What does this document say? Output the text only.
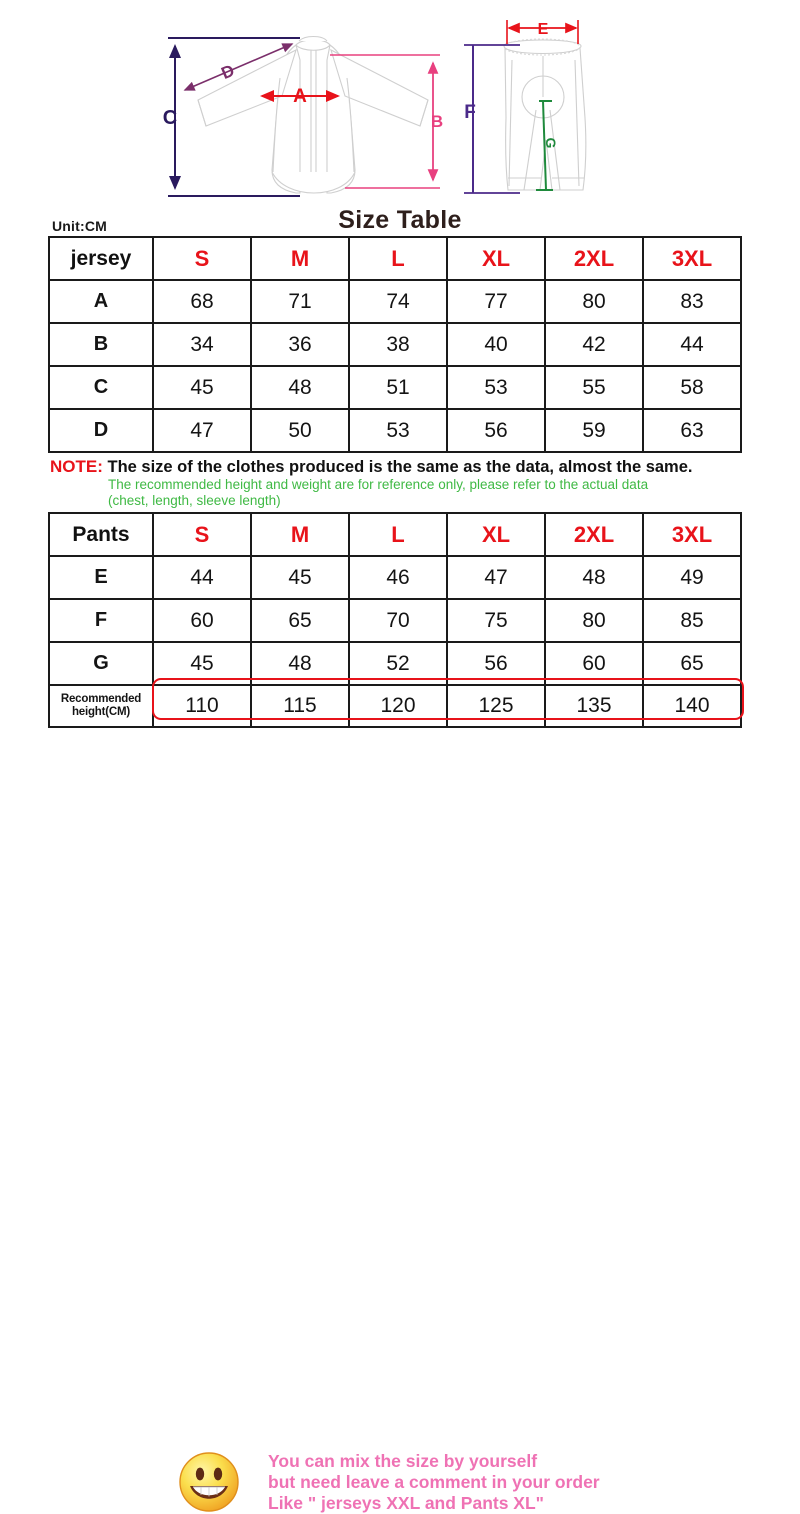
C
D
A
B
E
F
G
Unit:CM	Size Table
jersey	S	M	L	XL	2XL	3XL
A	68	71	74	77	80	83
B	34	36	38	40	42	44
C	45	48	51	53	55	58
D	47	50	53	56	59	63
NOTE: The size of the clothes produced is the same as the data, almost the same.
The recommended height and weight are for reference only, please refer to the actual data
(chest, length, sleeve length)
Pants	S	M	L	XL	2XL	3XL
E	44	45	46	47	48	49
F	60	65	70	75	80	85
G	45	48	52	56	60	65

Recommended
height(CM)	110	115	120	125	135	140
You can mix the size by yourself
but need leave a comment in your order
Like " jerseys XXL and Pants XL"
